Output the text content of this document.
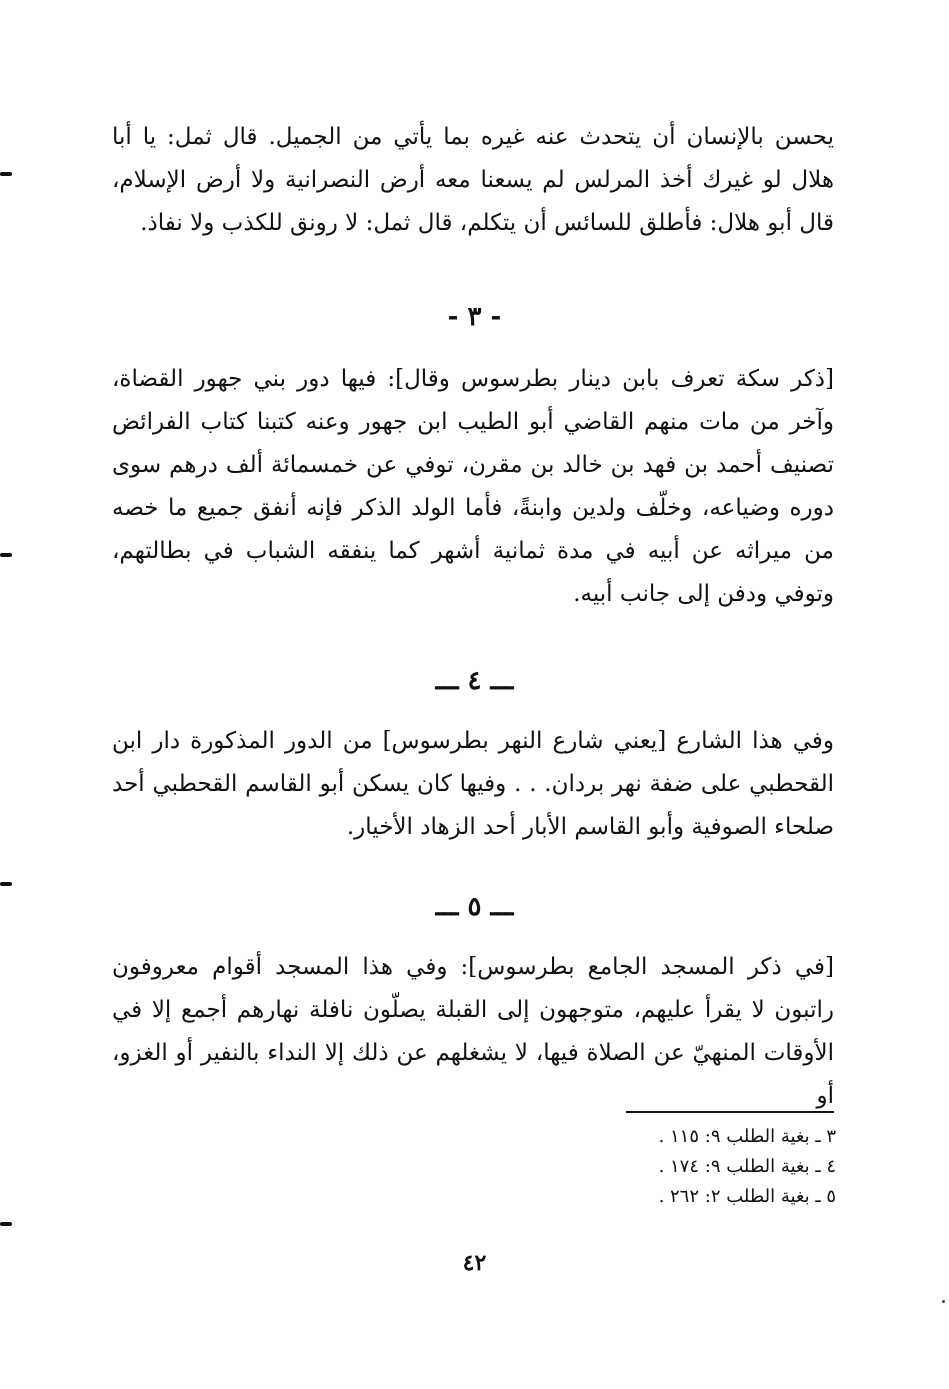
يحسن بالإنسان أن يتحدث عنه غيره بما يأتي من الجميل. قال ثمل: يا أبا هلال لو غيرك أخذ المرلس لم يسعنا معه أرض النصرانية ولا أرض الإسلام، قال أبو هلال: فأطلق للسائس أن يتكلم، قال ثمل: لا رونق للكذب ولا نفاذ.

- ٣ -

[ذكر سكة تعرف بابن دينار بطرسوس وقال]: فيها دور بني جهور القضاة، وآخر من مات منهم القاضي أبو الطيب ابن جهور وعنه كتبنا كتاب الفرائض تصنيف أحمد بن فهد بن خالد بن مقرن، توفي عن خمسمائة ألف درهم سوى دوره وضياعه، وخلّف ولدين وابنةً، فأما الولد الذكر فإنه أنفق جميع ما خصه من ميراثه عن أبيه في مدة ثمانية أشهر كما ينفقه الشباب في بطالتهم، وتوفي ودفن إلى جانب أبيه.

ـــ ٤ ـــ

وفي هذا الشارع [يعني شارع النهر بطرسوس] من الدور المذكورة دار ابن القحطبي على ضفة نهر بردان. . . وفيها كان يسكن أبو القاسم القحطبي أحد صلحاء الصوفية وأبو القاسم الأبار أحد الزهاد الأخيار.

ـــ ٥ ـــ

[في ذكر المسجد الجامع بطرسوس]: وفي هذا المسجد أقوام معروفون راتبون لا يقرأ عليهم، متوجهون إلى القبلة يصلّون نافلة نهارهم أجمع إلا في الأوقات المنهيّ عن الصلاة فيها، لا يشغلهم عن ذلك إلا النداء بالنفير أو الغزو، أو

٣ ـ بغية الطلب ٩: ١١٥ .
٤ ـ بغية الطلب ٩: ١٧٤ .
٥ ـ بغية الطلب ٢: ٢٦٢ .
٤٢
